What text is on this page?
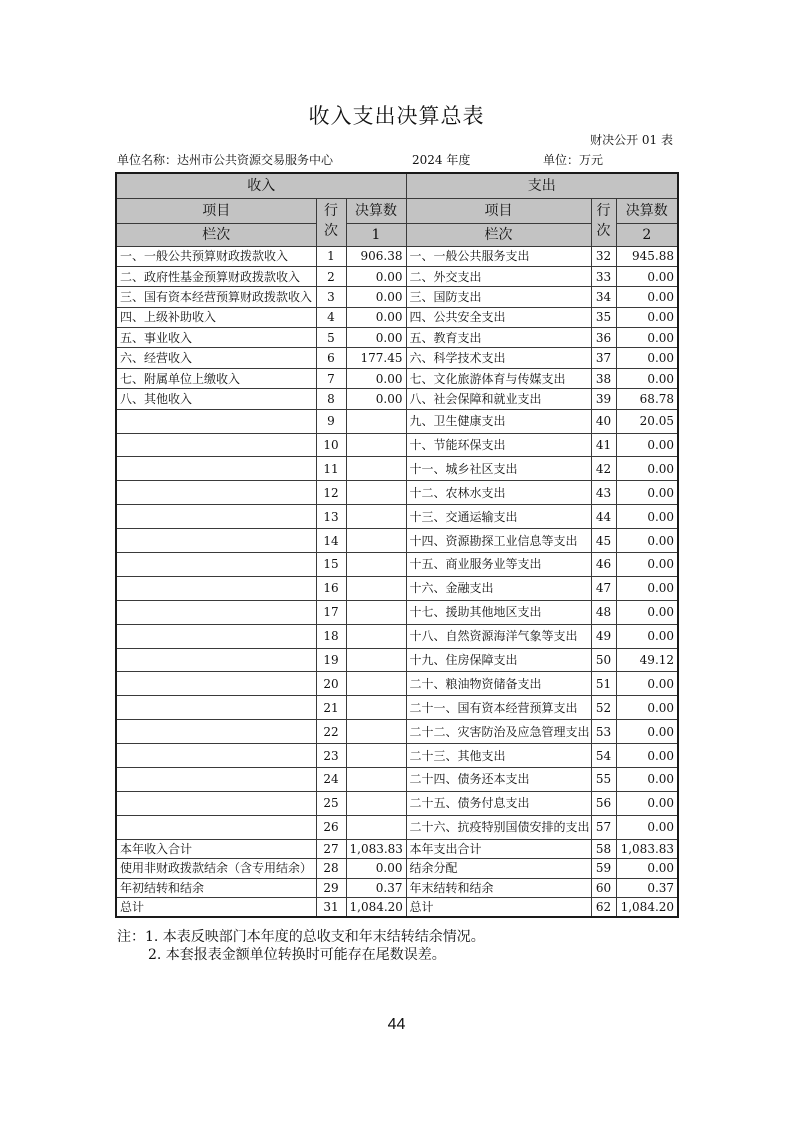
收入支出决算总表
财决公开 01 表
单位名称：达州市公共资源交易服务中心	2024 年度	单位：万元
收入			支出		
项目	行次	决算数	项目	行次	决算数
栏次		1	栏次		2
一、一般公共预算财政拨款收入	1	906.38	一、一般公共服务支出	32	945.88
二、政府性基金预算财政拨款收入	2	0.00	二、外交支出	33	0.00
三、国有资本经营预算财政拨款收入	3	0.00	三、国防支出	34	0.00
四、上级补助收入	4	0.00	四、公共安全支出	35	0.00
五、事业收入	5	0.00	五、教育支出	36	0.00
六、经营收入	6	177.45	六、科学技术支出	37	0.00
七、附属单位上缴收入	7	0.00	七、文化旅游体育与传媒支出	38	0.00
八、其他收入	8	0.00	八、社会保障和就业支出	39	68.78
	9		九、卫生健康支出	40	20.05
	10		十、节能环保支出	41	0.00
	11		十一、城乡社区支出	42	0.00
	12		十二、农林水支出	43	0.00
	13		十三、交通运输支出	44	0.00
	14		十四、资源勘探工业信息等支出	45	0.00
	15		十五、商业服务业等支出	46	0.00
	16		十六、金融支出	47	0.00
	17		十七、援助其他地区支出	48	0.00
	18		十八、自然资源海洋气象等支出	49	0.00
	19		十九、住房保障支出	50	49.12
	20		二十、粮油物资储备支出	51	0.00
	21		二十一、国有资本经营预算支出	52	0.00
	22		二十二、灾害防治及应急管理支出	53	0.00
	23		二十三、其他支出	54	0.00
	24		二十四、债务还本支出	55	0.00
	25		二十五、债务付息支出	56	0.00
	26		二十六、抗疫特别国债安排的支出	57	0.00
本年收入合计	27	1,083.83	本年支出合计	58	1,083.83
使用非财政拨款结余（含专用结余）	28	0.00	结余分配	59	0.00
年初结转和结余	29	0.37	年末结转和结余	60	0.37
总计	31	1,084.20	总计	62	1,084.20
注：1. 本表反映部门本年度的总收支和年末结转结余情况。
2. 本套报表金额单位转换时可能存在尾数误差。
44
